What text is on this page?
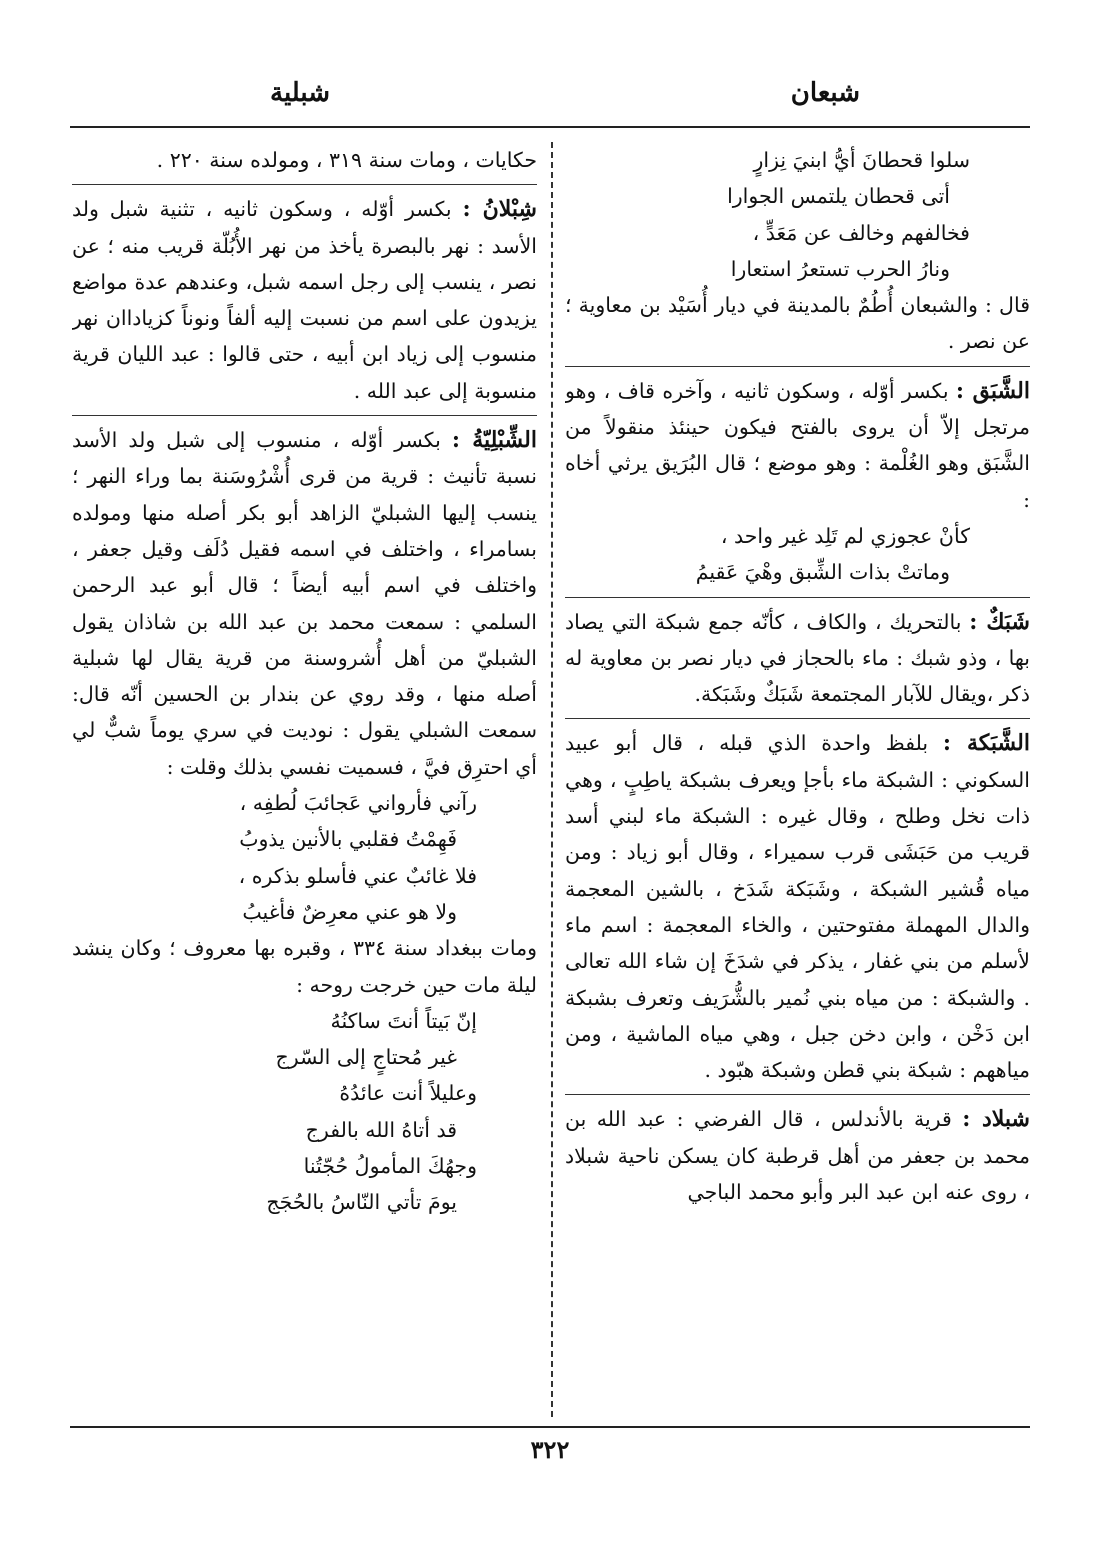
شبعان
شبلية
سلوا قحطانَ أيُّ ابنيَ نِزارٍ
أتى قحطان يلتمس الجوارا
فخالفهم وخالف عن مَعَدٍّ ،
ونارُ الحرب تستعرُ استعارا

قال : والشبعان أُطُمٌ بالمدينة في ديار أُسَيْد بن معاوية ؛ عن نصر .

الشَّبَق : بكسر أوّله ، وسكون ثانيه ، وآخره قاف ، وهو مرتجل إلاّ أن يروى بالفتح فيكون حينئذ منقولاً من الشَّبَق وهو الغُلْمة : وهو موضع ؛ قال البُرَيق يرثي أخاه :
كأنْ عجوزي لم تَلِد غير واحد ،
وماتتْ بذات الشِّبق وهْيَ عَقيمُ
شَبَكٌ : بالتحريك ، والكاف ، كأنّه جمع شبكة التي يصاد بها ، وذو شبك : ماء بالحجاز في ديار نصر بن معاوية له ذكر ،ويقال للآبار المجتمعة شَبَكٌ وشَبَكة.
الشَّبَكة : بلفظ واحدة الذي قبله ، قال أبو عبيد السكوني : الشبكة ماء بأجإ ويعرف بشبكة ياطِبٍ ، وهي ذات نخل وطلح ، وقال غيره : الشبكة ماء لبني أسد قريب من حَبَشَى قرب سميراء ، وقال أبو زياد : ومن مياه قُشير الشبكة ، وشَبَكة شَدَخ ، بالشين المعجمة والدال المهملة مفتوحتين ، والخاء المعجمة : اسم ماء لأسلم من بني غفار ، يذكر في شدَخَ إن شاء الله تعالى . والشبكة : من مياه بني نُمير بالشُّرَيف وتعرف بشبكة ابن دَخْن ، وابن دخن جبل ، وهي مياه الماشية ، ومن مياههم : شبكة بني قطن وشبكة هبّود .
شبلاد : قرية بالأندلس ، قال الفرضي : عبد الله بن محمد بن جعفر من أهل قرطبة كان يسكن ناحية شبلاد ، روى عنه ابن عبد البر وأبو محمد الباجي

حكايات ، ومات سنة ٣١٩ ، ومولده سنة ٢٢٠ .

شِبْلانُ : بكسر أوّله ، وسكون ثانيه ، تثنية شبل ولد الأسد : نهر بالبصرة يأخذ من نهر الأُبُلّة قريب منه ؛ عن نصر ، ينسب إلى رجل اسمه شبل، وعندهم عدة مواضع يزيدون على اسم من نسبت إليه ألفاً ونوناً كزياداان نهر منسوب إلى زياد ابن أبيه ، حتى قالوا : عبد الليان قرية منسوبة إلى عبد الله .
الشِّبْلِيّةُ : بكسر أوّله ، منسوب إلى شبل ولد الأسد نسبة تأنيث : قرية من قرى أُشْرُوسَنة بما وراء النهر ؛ ينسب إليها الشبليّ الزاهد أبو بكر أصله منها ومولده بسامراء ، واختلف في اسمه فقيل دُلَف وقيل جعفر ، واختلف في اسم أبيه أيضاً ؛ قال أبو عبد الرحمن السلمي : سمعت محمد بن عبد الله بن شاذان يقول الشبليّ من أهل أُشروسنة من قرية يقال لها شبلية أصله منها ، وقد روي عن بندار بن الحسين أنّه قال: سمعت الشبلي يقول : نوديت في سري يوماً شبٌّ لي أي احترِق فيَّ ، فسميت نفسي بذلك وقلت :
رآني فأرواني عَجائبَ لُطفِه ،
فَهِمْتُ فقلبي بالأنين يذوبُ
فلا غائبٌ عني فأسلو بذكره ،
ولا هو عني معرِضٌ فأغيبُ

ومات ببغداد سنة ٣٣٤ ، وقبره بها معروف ؛ وكان ينشد ليلة مات حين خرجت روحه :

إنّ بَيتاً أنتَ ساكنُهُ
غير مُحتاجٍ إلى السّرج
وعليلاً أنت عائدُهُ
قد أتاهُ الله بالفرج
وجهُكَ المأمولُ حُجّتُنا
يومَ تأتي النّاسُ بالحُجَج
٣٢٢
